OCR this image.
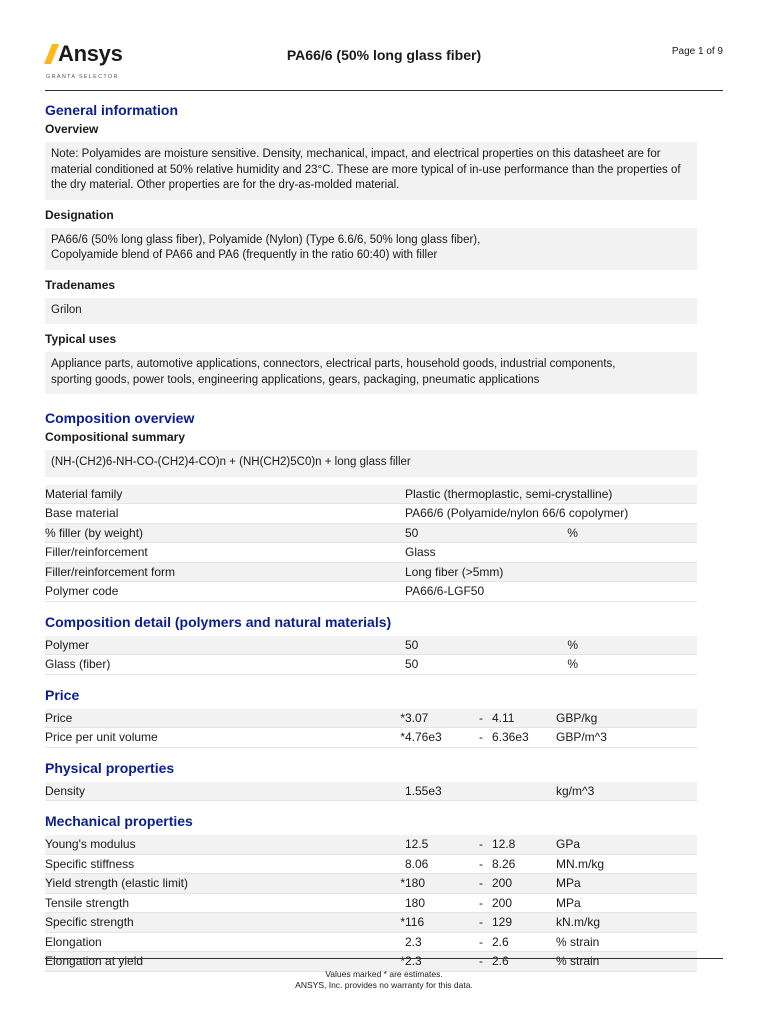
Ansys
GRANTA SELECTOR
PA66/6 (50% long glass fiber)	Page 1 of 9
General information
Overview
Note: Polyamides are moisture sensitive. Density, mechanical, impact, and electrical properties on this datasheet are for material conditioned at 50% relative humidity and 23°C. These are more typical of in-use performance than the properties of the dry material. Other properties are for the dry-as-molded material.
Designation
PA66/6 (50% long glass fiber), Polyamide (Nylon) (Type 6.6/6, 50% long glass fiber),
Copolyamide blend of PA66 and PA6 (frequently in the ratio 60:40) with filler
Tradenames
Grilon
Typical uses
Appliance parts, automotive applications, connectors, electrical parts, household goods, industrial components,
sporting goods, power tools, engineering applications, gears, packaging, pneumatic applications
Composition overview
Compositional summary
(NH-(CH2)6-NH-CO-(CH2)4-CO)n + (NH(CH2)5C0)n + long glass filler
Material family	Plastic (thermoplastic, semi-crystalline)	
Base material	PA66/6 (Polyamide/nylon 66/6 copolymer)	
% filler (by weight)	50	%
Filler/reinforcement	Glass	
Filler/reinforcement form	Long fiber (>5mm)	
Polymer code	PA66/6-LGF50	
Composition detail (polymers and natural materials)
Polymer	50	%
Glass (fiber)	50	%
Price
Price	*	3.07	-	4.11	GBP/kg
Price per unit volume	*	4.76e3	-	6.36e3	GBP/m^3
Physical properties
Density		1.55e3			kg/m^3
Mechanical properties
Young's modulus		12.5	-	12.8	GPa
Specific stiffness		8.06	-	8.26	MN.m/kg
Yield strength (elastic limit)	*	180	-	200	MPa
Tensile strength		180	-	200	MPa
Specific strength	*	116	-	129	kN.m/kg
Elongation		2.3	-	2.6	% strain
Elongation at yield	*	2.3	-	2.6	% strain
Values marked * are estimates.
ANSYS, Inc. provides no warranty for this data.
